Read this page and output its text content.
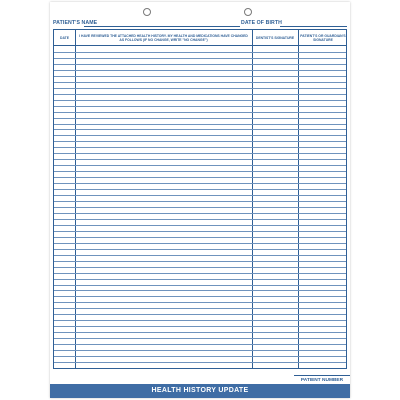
PATIENT'S NAME	DATE OF BIRTH
DATE	I HAVE REVIEWED THE ATTACHED HEALTH HISTORY. MY HEALTH AND MEDICATIONS HAVE CHANGED AS FOLLOWS (IF NO CHANGE, WRITE "NO CHANGE")	DENTIST'S SIGNATURE	PATIENT'S OR GUARDIAN'S SIGNATURE
PATIENT NUMBER
HEALTH HISTORY UPDATE
